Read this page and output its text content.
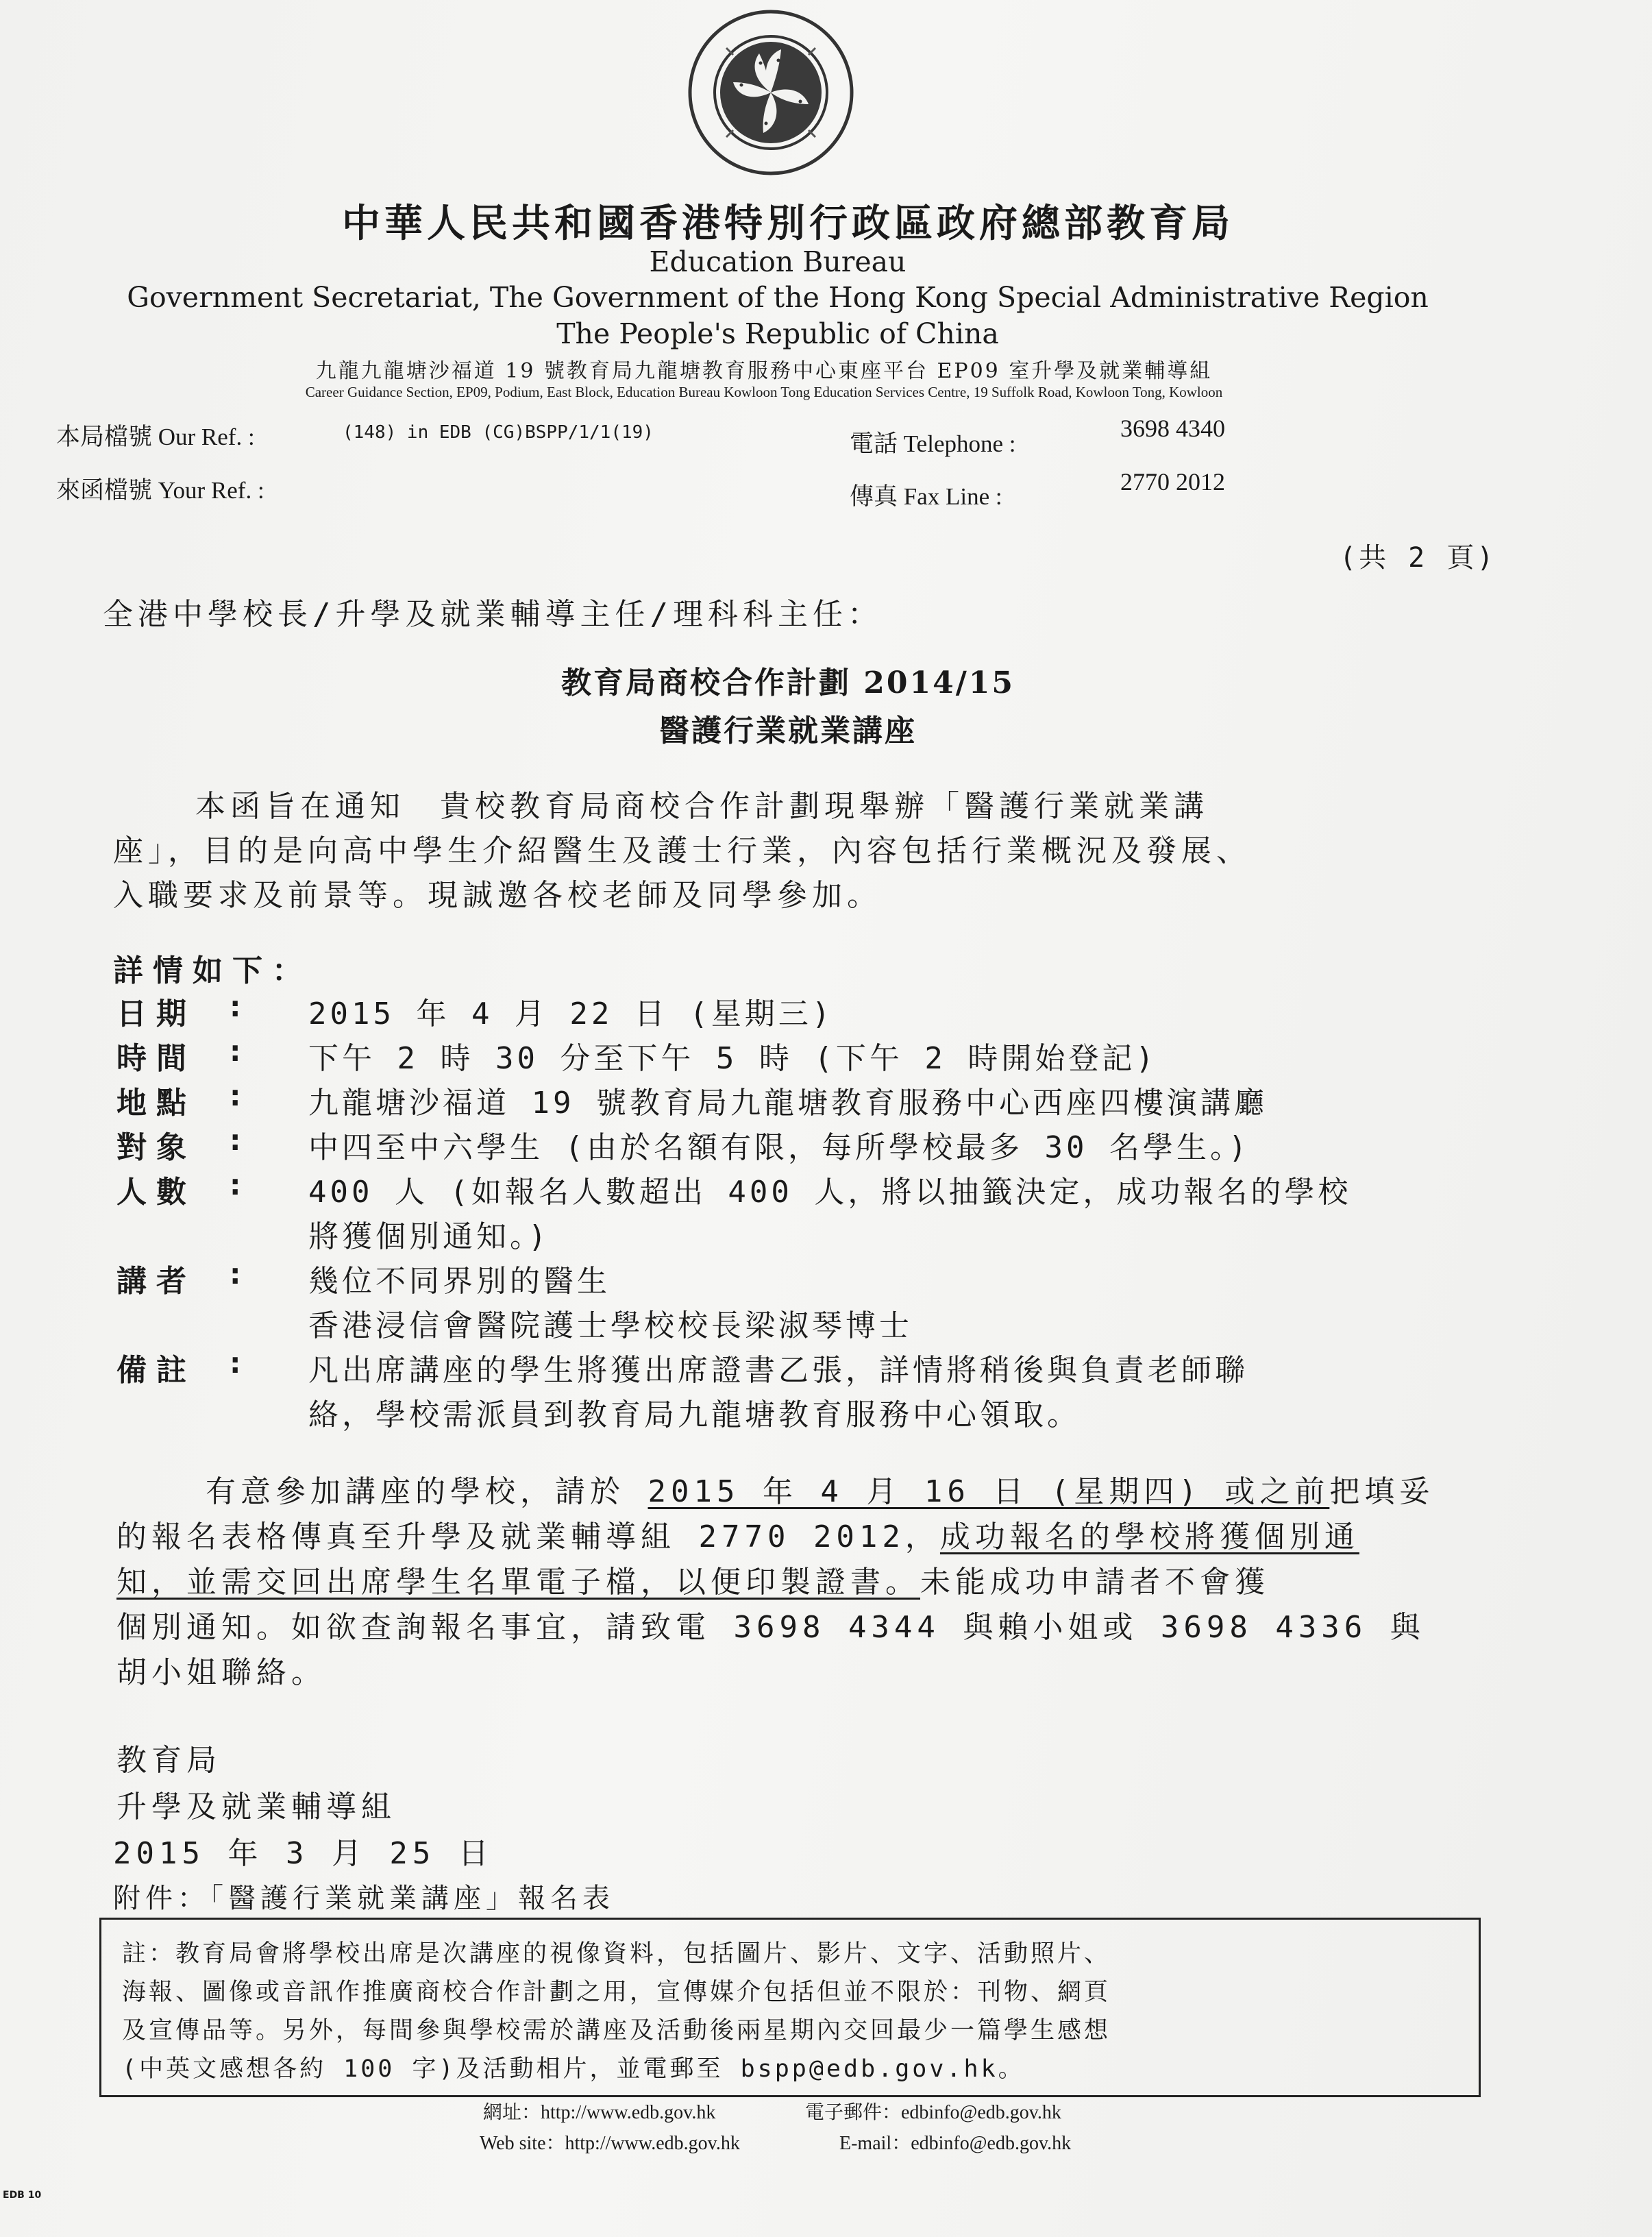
中華人民共和國香港特別行政區政府總部教育局
Education Bureau
Government Secretariat, The Government of the Hong Kong Special Administrative Region
The People's Republic of China
九龍九龍塘沙福道 19 號教育局九龍塘教育服務中心東座平台 EP09 室升學及就業輔導組
Career Guidance Section, EP09, Podium, East Block, Education Bureau Kowloon Tong Education Services Centre, 19 Suffolk Road, Kowloon Tong, Kowloon
本局檔號 Our Ref. :	(148) in EDB (CG)BSPP/1/1(19)
來函檔號 Your Ref. :
電話 Telephone :
3698 4340
傳真 Fax Line :
2770 2012
(共 2 頁)
全港中學校長/升學及就業輔導主任/理科科主任：
教育局商校合作計劃 2014/15
醫護行業就業講座
本函旨在通知　貴校教育局商校合作計劃現舉辦「醫護行業就業講
座」，目的是向高中學生介紹醫生及護士行業，內容包括行業概況及發展、
入職要求及前景等。現誠邀各校老師及同學參加。
詳情如下：
日期 : 2015 年 4 月 22 日 (星期三)
時間 : 下午 2 時 30 分至下午 5 時 (下午 2 時開始登記)
地點 : 九龍塘沙福道 19 號教育局九龍塘教育服務中心西座四樓演講廳
對象 : 中四至中六學生 (由於名額有限，每所學校最多 30 名學生。)
人數 : 400 人 (如報名人數超出 400 人，將以抽籤決定，成功報名的學校
將獲個別通知。)
講者 : 幾位不同界別的醫生
香港浸信會醫院護士學校校長梁淑琴博士
備註 : 凡出席講座的學生將獲出席證書乙張，詳情將稍後與負責老師聯
絡，學校需派員到教育局九龍塘教育服務中心領取。
有意參加講座的學校，請於 2015 年 4 月 16 日 (星期四) 或之前把填妥
的報名表格傳真至升學及就業輔導組 2770 2012，成功報名的學校將獲個別通
知，並需交回出席學生名單電子檔，以便印製證書。未能成功申請者不會獲
個別通知。如欲查詢報名事宜，請致電 3698 4344 與賴小姐或 3698 4336 與
胡小姐聯絡。
教育局
升學及就業輔導組
2015 年 3 月 25 日
附件：「醫護行業就業講座」報名表
註：教育局會將學校出席是次講座的視像資料，包括圖片、影片、文字、活動照片、
海報、圖像或音訊作推廣商校合作計劃之用，宣傳媒介包括但並不限於：刊物、網頁
及宣傳品等。另外，每間參與學校需於講座及活動後兩星期內交回最少一篇學生感想
(中英文感想各約 100 字)及活動相片，並電郵至 bspp@edb.gov.hk。
網址：http://www.edb.gov.hk	電子郵件：edbinfo@edb.gov.hk
Web site：http://www.edb.gov.hk	E-mail：edbinfo@edb.gov.hk
EDB 10
